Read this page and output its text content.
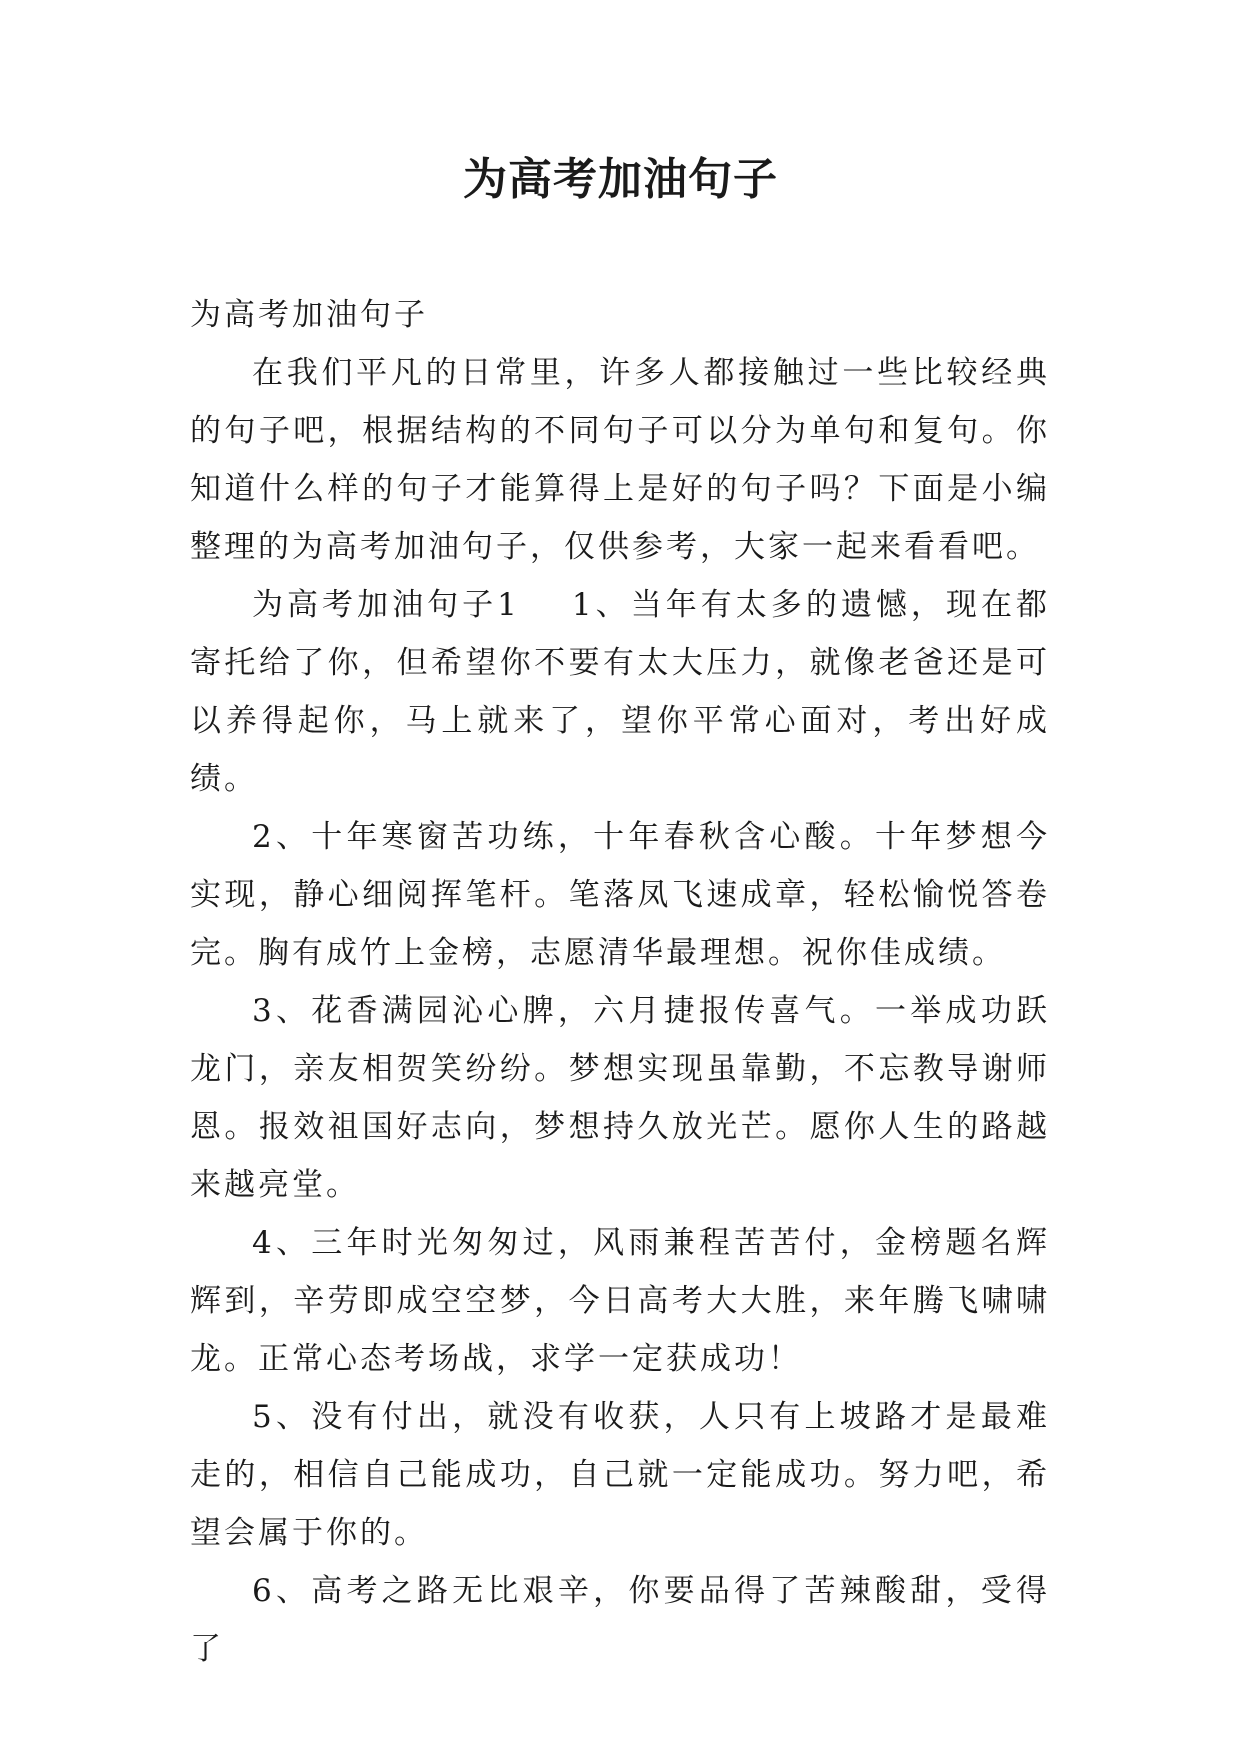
为高考加油句子

为高考加油句子

在我们平凡的日常里，许多人都接触过一些比较经典的句子吧，根据结构的不同句子可以分为单句和复句。你知道什么样的句子才能算得上是好的句子吗？下面是小编整理的为高考加油句子，仅供参考，大家一起来看看吧。

为高考加油句子1 1、当年有太多的遗憾，现在都寄托给了你，但希望你不要有太大压力，就像老爸还是可以养得起你，马上就来了，望你平常心面对，考出好成绩。

2、十年寒窗苦功练，十年春秋含心酸。十年梦想今实现，静心细阅挥笔杆。笔落凤飞速成章，轻松愉悦答卷完。胸有成竹上金榜，志愿清华最理想。祝你佳成绩。

3、花香满园沁心脾，六月捷报传喜气。一举成功跃龙门，亲友相贺笑纷纷。梦想实现虽靠勤，不忘教导谢师恩。报效祖国好志向，梦想持久放光芒。愿你人生的路越来越亮堂。

4、三年时光匆匆过，风雨兼程苦苦付，金榜题名辉辉到，辛劳即成空空梦，今日高考大大胜，来年腾飞啸啸龙。正常心态考场战，求学一定获成功！

5、没有付出，就没有收获，人只有上坡路才是最难走的，相信自己能成功，自己就一定能成功。努力吧，希望会属于你的。

6、高考之路无比艰辛，你要品得了苦辣酸甜，受得了
